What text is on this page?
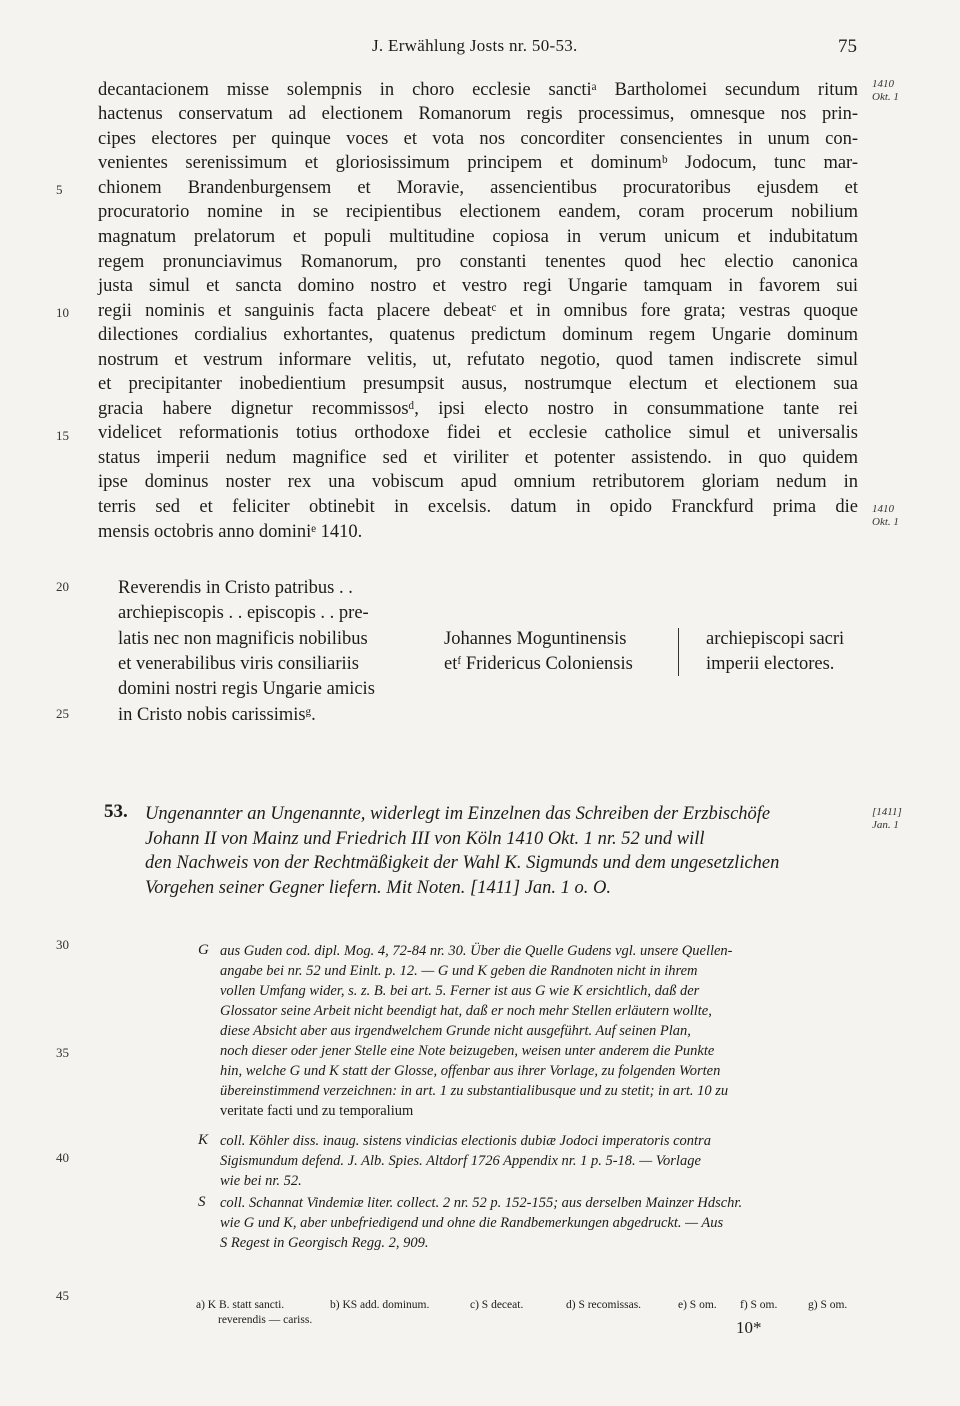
J. Erwählung Josts nr. 50-53.	75
decantacionem misse solempnis in choro ecclesie sanctiᵃ Bartholomei secundum ritum
hactenus conservatum ad electionem Romanorum regis processimus, omnesque nos prin-
cipes electores per quinque voces et vota nos concorditer consencientes in unum con-
venientes serenissimum et gloriosissimum principem et dominumᵇ Jodocum, tunc mar-
chionem Brandenburgensem et Moravie, assencientibus procuratoribus ejusdem et
procuratorio nomine in se recipientibus electionem eandem, coram procerum nobilium
magnatum prelatorum et populi multitudine copiosa in verum unicum et indubitatum
regem pronunciavimus Romanorum, pro constanti tenentes quod hec electio canonica
justa simul et sancta domino nostro et vestro regi Ungarie tamquam in favorem sui
regii nominis et sanguinis facta placere debeatᶜ et in omnibus fore grata; vestras quoque
dilectiones cordialius exhortantes, quatenus predictum dominum regem Ungarie dominum
nostrum et vestrum informare velitis, ut, refutato negotio, quod tamen indiscrete simul
et precipitanter inobedientium presumpsit ausus, nostrumque electum et electionem sua
gracia habere dignetur recommissosᵈ, ipsi electo nostro in consummatione tante rei
videlicet reformationis totius orthodoxe fidei et ecclesie catholice simul et universalis
status imperii nedum magnifice sed et viriliter et potenter assistendo. in quo quidem
ipse dominus noster rex una vobiscum apud omnium retributorem gloriam nedum in
terris sed et feliciter obtinebit in excelsis. datum in opido Franckfurd prima die
mensis octobris anno dominiᵉ 1410.
5
10
15
20
25
30
35
40
45
1410
Okt. 1
1410
Okt. 1
[1411]
Jan. 1
Reverendis in Cristo patribus . .
archiepiscopis . . episcopis . . pre-
latis nec non magnificis nobilibus
et venerabilibus viris consiliariis
domini nostri regis Ungarie amicis
in Cristo nobis carissimisᵍ.
Johannes Moguntinensis
etᶠ Fridericus Coloniensis
archiepiscopi sacri
imperii electores.
53. Ungenannter an Ungenannte, widerlegt im Einzelnen das Schreiben der Erzbischöfe
Johann II von Mainz und Friedrich III von Köln 1410 Okt. 1 nr. 52 und will
den Nachweis von der Rechtmäßigkeit der Wahl K. Sigmunds und dem ungesetzlichen
Vorgehen seiner Gegner liefern. Mit Noten. [1411] Jan. 1 o. O.
G aus Guden cod. dipl. Mog. 4, 72-84 nr. 30. Über die Quelle Gudens vgl. unsere Quellen-
angabe bei nr. 52 und Einlt. p. 12. — G und K geben die Randnoten nicht in ihrem
vollen Umfang wider, s. z. B. bei art. 5. Ferner ist aus G wie K ersichtlich, daß der
Glossator seine Arbeit nicht beendigt hat, daß er noch mehr Stellen erläutern wollte,
diese Absicht aber aus irgendwelchem Grunde nicht ausgeführt. Auf seinen Plan,
noch dieser oder jener Stelle eine Note beizugeben, weisen unter anderem die Punkte
hin, welche G und K statt der Glosse, offenbar aus ihrer Vorlage, zu folgenden Worten
übereinstimmend verzeichnen: in art. 1 zu substantialibusque und zu stetit; in art. 10 zu
veritate facti und zu temporalium
K coll. Köhler diss. inaug. sistens vindicias electionis dubiæ Jodoci imperatoris contra
Sigismundum defend. J. Alb. Spies. Altdorf 1726 Appendix nr. 1 p. 5-18. — Vorlage
wie bei nr. 52.
S coll. Schannat Vindemiæ liter. collect. 2 nr. 52 p. 152-155; aus derselben Mainzer Hdschr.
wie G und K, aber unbefriedigend und ohne die Randbemerkungen abgedruckt. — Aus
S Regest in Georgisch Regg. 2, 909.
a) K B. statt sancti.	b) KS add. dominum.	c) S deceat.	d) S recomissas.	e) S om. f) S om.	g) S om.
reverendis — cariss.	10*
